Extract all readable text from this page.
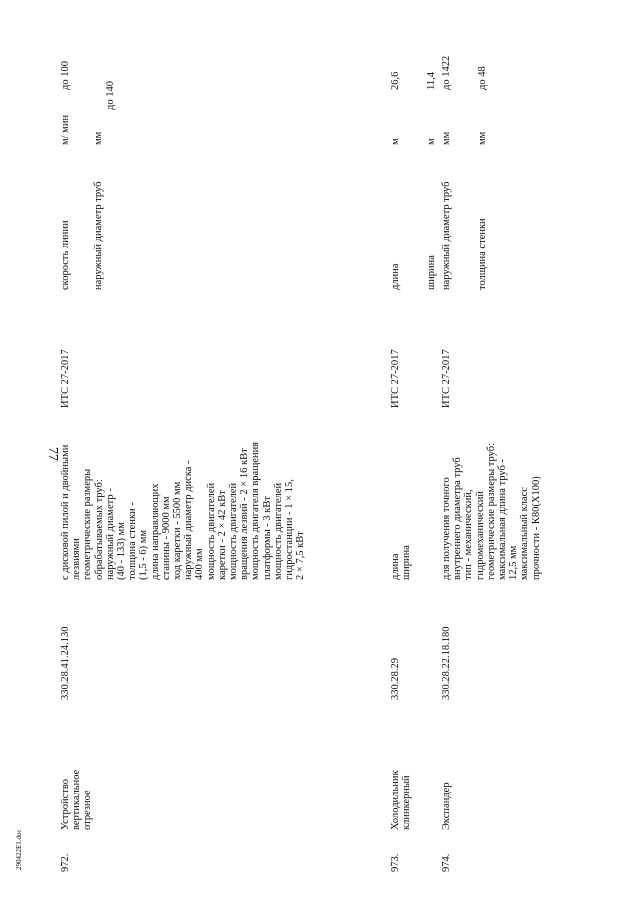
77
290422E1.doc	972.
Устройство
вертикальное
отрезное
330.28.41.24.130
с дисковой пилой и двойными
лезвиями
геометрические размеры
обрабатываемых труб:
наружный диаметр -
(40 - 133) мм
толщина стенки -
(1,5 - 6) мм
длина направляющих
станины - 9000 мм
ход каретки - 5500 мм
наружный диаметр диска -
400 мм
мощность двигателей
каретки - 2 × 42 кВт
мощность двигателей
вращения лезвий - 2 × 16 кВт
мощность двигателя вращения
платформы - 3 кВт
мощность двигателей
гидростанции - 1 × 15,
2 × 7,5 кВт
ИТС 27-2017
скорость линии наружный диаметр труб
м/ мин мм
до 100
до 140
973.
Холодильник
клинкерный
330.28.29
длина
ширина
ИТС 27-2017
длина ширина
м м
26,6 11,4
974.
Экспандер
330.28.22.18.180
для получения точного
внутреннего диаметра труб
тип - механический,
гидромеханический
геометрические размеры труб:
максимальная длина труб -
12,5 мм
максимальный класс
прочности - К80(Х100)
ИТС 27-2017
наружный диаметр труб толщина стенки
мм мм
до 1422 до 48
